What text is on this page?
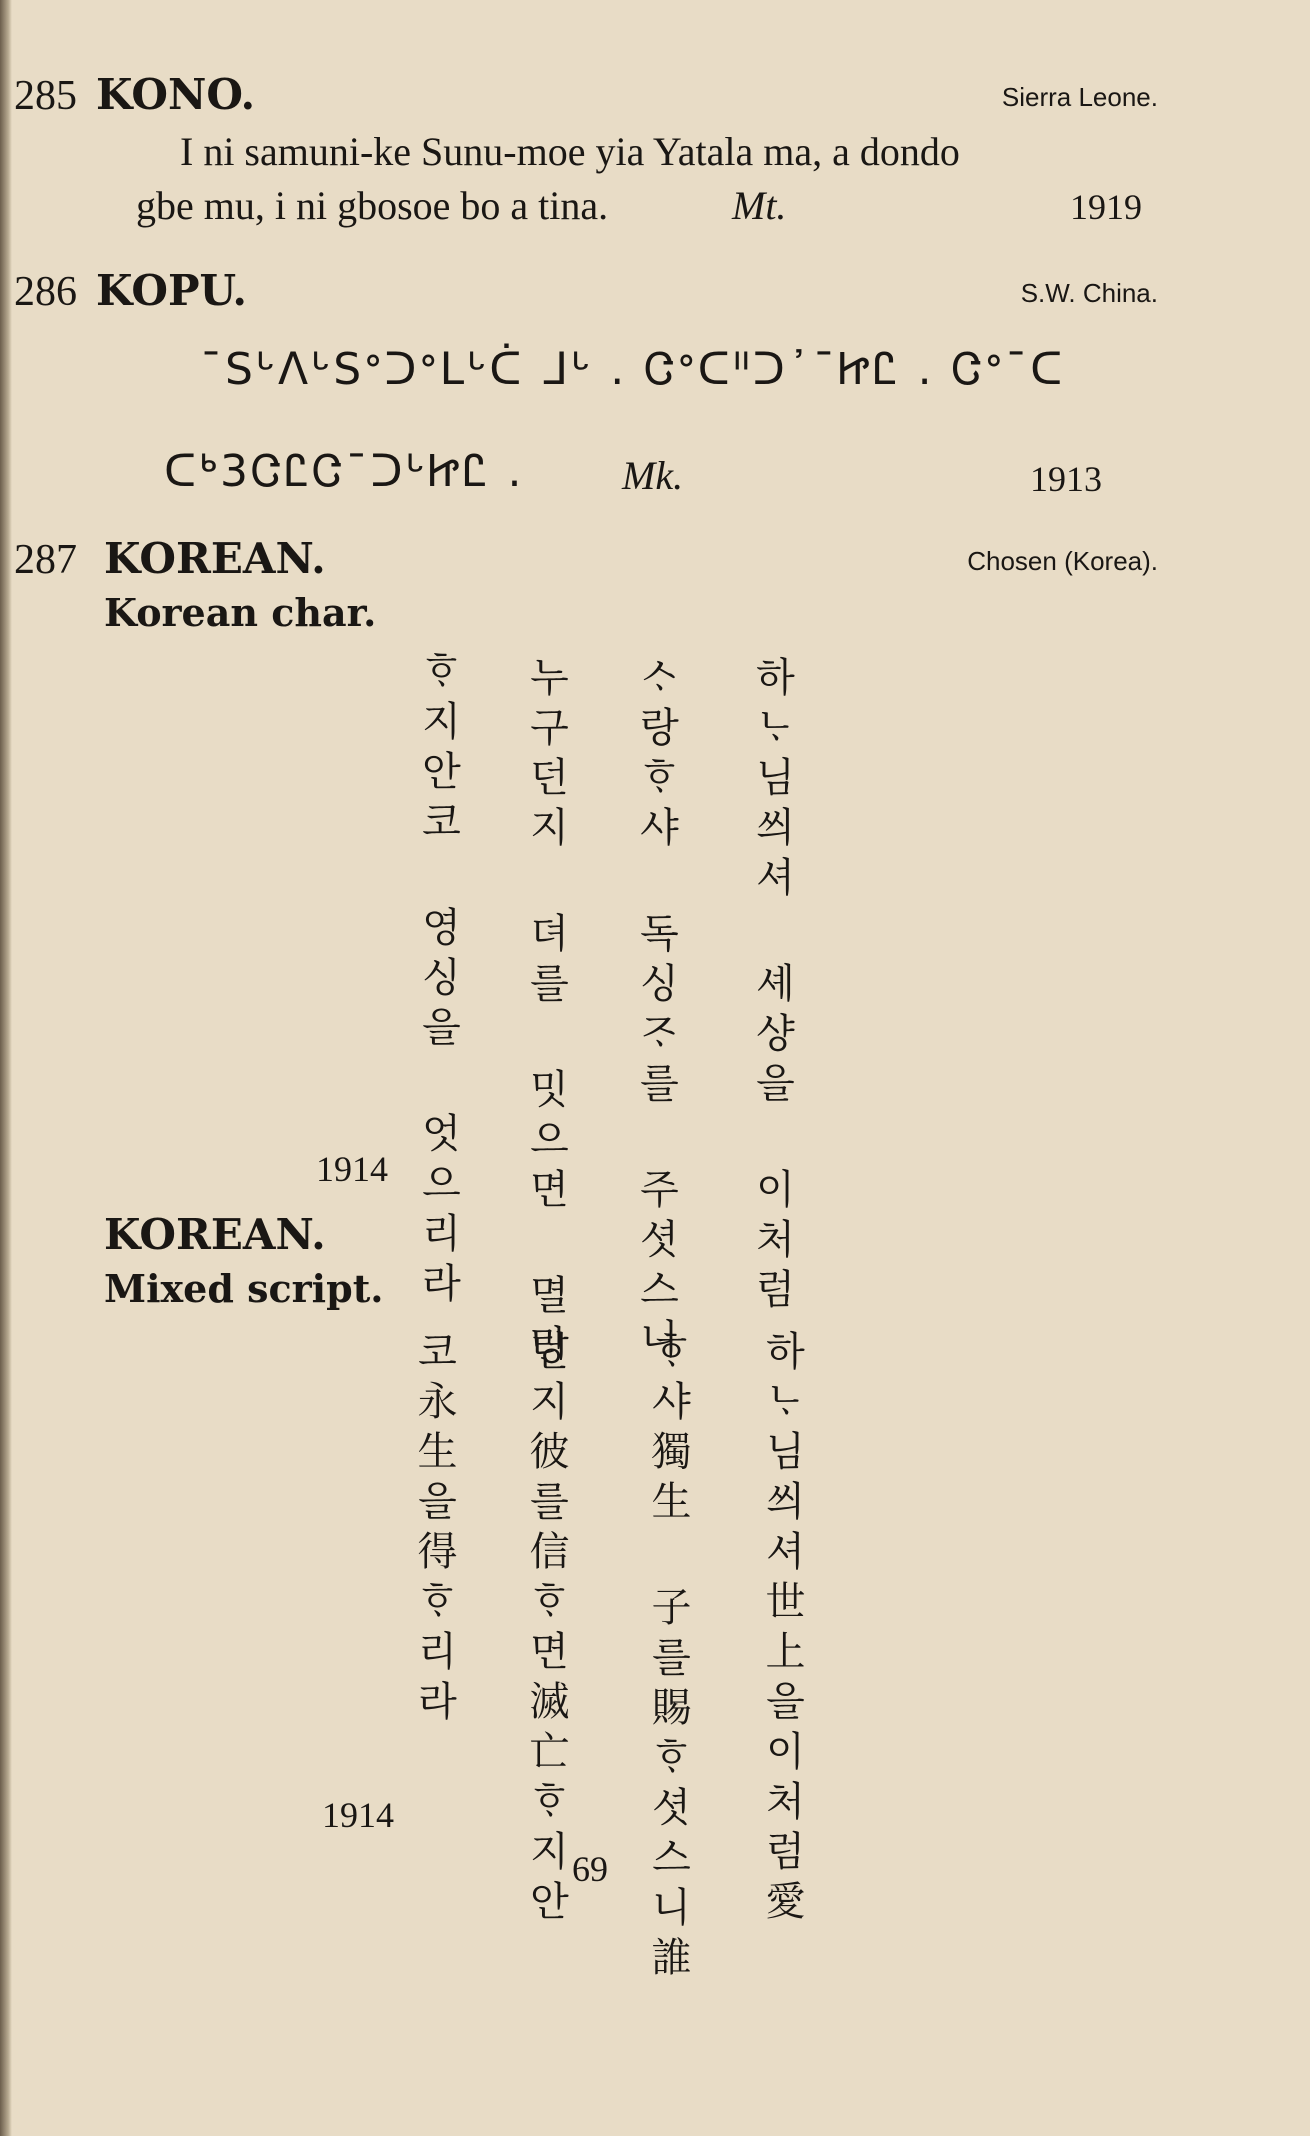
285 KONO.	Sierra Leone.
I ni samuni-ke Sunu-moe yia Yatala ma, a dondo
gbe mu, i ni gbosoe bo a tina.	Mt.	1919
286 KOPU.	S.W. China.
ˉSᒡᐱᒡSᐤᑐᐤᒪᒡᑖ ᒧᒡ . Ꮳᐤᑕᐦᑐ᾽ˉᏥᏝ . Ꮳᐤˉᑕ
ᑕᒃ3ᏣᏝᏣˉᑐᒡᏥᏝ . Mk.	1913
287 KOREAN.	Chosen (Korea).
Korean char.
하ᄂᆞ님씌셔 셰샹을 이처럼
ᄉᆞ랑ᄒᆞ샤 독싱ᄌᆞ를 주셧스니
누구던지 뎌를 밋으면 멸망
ᄒᆞ지안코 영싱을 엇으리라
1914
KOREAN.
Mixed script.
하ᄂᆞ님씌셔世上을이처럼愛
ᄒᆞ샤獨生 子를賜ᄒᆞ셧스니誰
던지彼를信ᄒᆞ면滅亡ᄒᆞ지안
코永生을得ᄒᆞ리라
1914
69
